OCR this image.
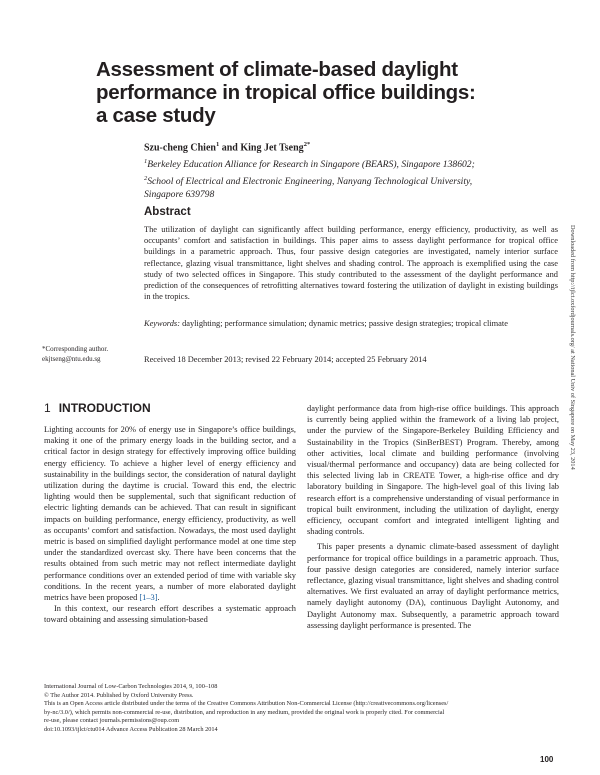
Assessment of climate-based daylight
performance in tropical office buildings:
a case study
Szu-cheng Chien$^1$ and King Jet Tseng$^{2*}$
$^1$Berkeley Education Alliance for Research in Singapore (BEARS), Singapore 138602;
$^2$School of Electrical and Electronic Engineering, Nanyang Technological University,
Singapore 639798
Abstract
The utilization of daylight can significantly affect building performance, energy efficiency, productivity, as well as occupants’ comfort and satisfaction in buildings. This paper aims to assess daylight performance for tropical office buildings in a parametric approach. Thus, four passive design categories are investigated, namely interior surface reflectance, glazing visual transmittance, light shelves and shading control. The approach is exemplified using the case study of two selected offices in Singapore. This study contributed to the assessment of the daylight performance and prediction of the consequences of retrofitting alternatives toward fostering the utilization of daylight in existing buildings in the tropics.
Keywords: daylighting; performance simulation; dynamic metrics; passive design strategies; tropical climate
*Corresponding author.
ekjtseng@ntu.edu.sg	Received 18 December 2013; revised 22 February 2014; accepted 25 February 2014	Downloaded from http://ijlct.oxfordjournals.org/ at National Univ of Singapore on May 23, 2014
1 INTRODUCTION

Lighting accounts for 20% of energy use in Singapore’s office buildings, making it one of the primary energy loads in the building sector, and a critical factor in design strategy for effectively improving office building energy efficiency. To achieve a higher level of energy efficiency and sustainability in the buildings sector, the consideration of natural daylight utilization during the daytime is crucial. Toward this end, the electric lighting would then be supplemental, such that significant reduction of electric lighting demands can be achieved. That can result in significant impacts on building performance, energy efficiency, productivity, as well as occupants’ comfort and satisfaction. Nowadays, the most used daylight metric is based on simplified daylight performance model at one time step under the standardized overcast sky. There have been concerns that the results obtained from such metric may not reflect intermediate daylight performance conditions over an extended period of time with variable sky conditions. In the recent years, a number of more elaborated daylight metrics have been proposed [1–3].

In this context, our research effort describes a systematic approach toward obtaining and assessing simulation-based

daylight performance data from high-rise office buildings. This approach is currently being applied within the framework of a living lab project, under the purview of the Singapore-Berkeley Building Efficiency and Sustainability in the Tropics (SinBerBEST) Program. Thereby, among other activities, local climate and building performance (involving visual/thermal performance and occupancy) data are being collected for this selected living lab in CREATE Tower, a high-rise office and dry laboratory building in Singapore. The high-level goal of this living lab research effort is a comprehensive understanding of visual performance in tropical built environment, including the utilization of daylight, energy efficiency, occupant comfort and integrated intelligent lighting and shading controls.

This paper presents a dynamic climate-based assessment of daylight performance for tropical office buildings in a parametric approach. Thus, four passive design categories are considered, namely interior surface reflectance, glazing visual transmittance, light shelves and shading control alternatives. We first evaluated an array of daylight performance metrics, namely daylight autonomy (DA), continuous Daylight Autonomy, and Daylight Autonomy max. Subsequently, a parametric approach toward assessing daylight performance is presented. The

International Journal of Low-Carbon Technologies 2014, 9, 100–108
© The Author 2014. Published by Oxford University Press.
This is an Open Access article distributed under the terms of the Creative Commons Attribution Non-Commercial License (http://creativecommons.org/licenses/
by-nc/3.0/), which permits non-commercial re-use, distribution, and reproduction in any medium, provided the original work is properly cited. For commercial
re-use, please contact journals.permissions@oup.com
doi:10.1093/ijlct/ctu014 Advance Access Publication 28 March 2014
100
